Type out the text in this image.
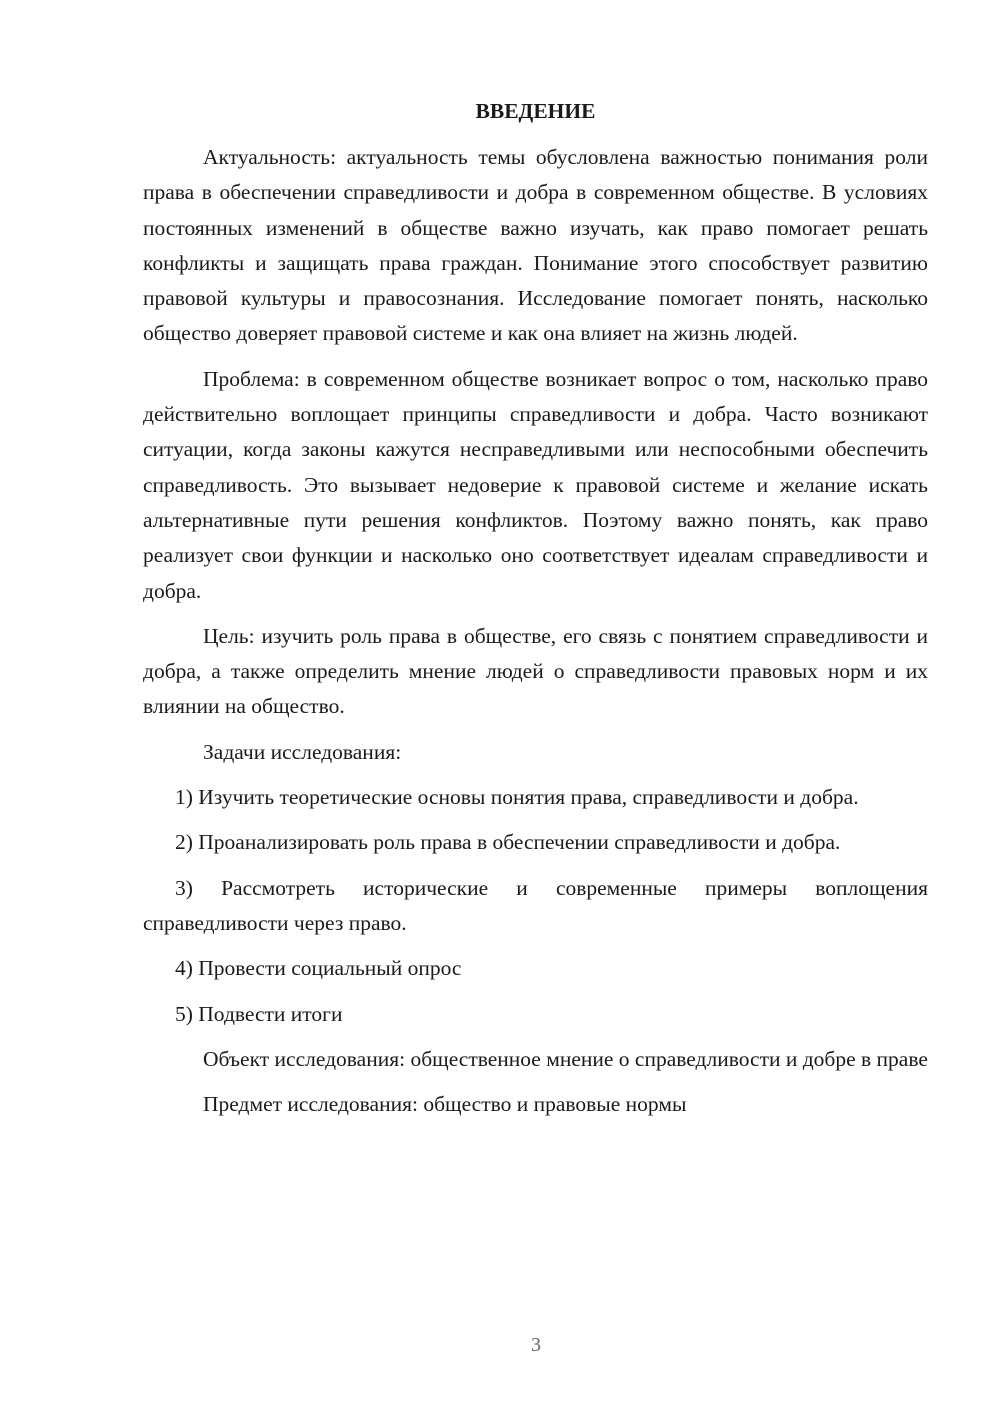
ВВЕДЕНИЕ

Актуальность: актуальность темы обусловлена важностью понимания роли права в обеспечении справедливости и добра в современном обществе. В условиях постоянных изменений в обществе важно изучать, как право помогает решать конфликты и защищать права граждан. Понимание этого способствует развитию правовой культуры и правосознания. Исследование помогает понять, насколько общество доверяет правовой системе и как она влияет на жизнь людей.

Проблема: в современном обществе возникает вопрос о том, насколько право действительно воплощает принципы справедливости и добра. Часто возникают ситуации, когда законы кажутся несправедливыми или неспособными обеспечить справедливость. Это вызывает недоверие к правовой системе и желание искать альтернативные пути решения конфликтов. Поэтому важно понять, как право реализует свои функции и насколько оно соответствует идеалам справедливости и добра.

Цель: изучить роль права в обществе, его связь с понятием справедливости и добра, а также определить мнение людей о справедливости правовых норм и их влиянии на общество.

Задачи исследования:

1) Изучить теоретические основы понятия права, справедливости и добра.

2) Проанализировать роль права в обеспечении справедливости и добра.

3) Рассмотреть исторические и современные примеры воплощения справедливости через право.

4) Провести социальный опрос

5) Подвести итоги

Объект исследования: общественное мнение о справедливости и добре в праве

Предмет исследования: общество и правовые нормы

3
